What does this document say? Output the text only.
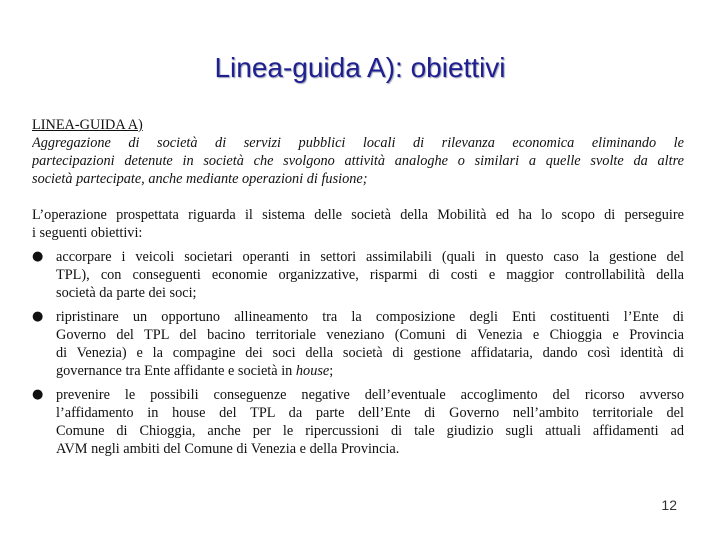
Linea-guida A): obiettivi
LINEA-GUIDA A)
Aggregazione di società di servizi pubblici locali di rilevanza economica eliminando le
partecipazioni detenute in società che svolgono attività analoghe o similari a quelle svolte da altre
società partecipate, anche mediante operazioni di fusione;
L’operazione prospettata riguarda il sistema delle società della Mobilità ed ha lo scopo di perseguire
i seguenti obiettivi:
● accorpare i veicoli societari operanti in settori assimilabili (quali in questo caso la gestione del
TPL), con conseguenti economie organizzative, risparmi di costi e maggior controllabilità della
società da parte dei soci;
● ripristinare un opportuno allineamento tra la composizione degli Enti costituenti l’Ente di
Governo del TPL del bacino territoriale veneziano (Comuni di Venezia e Chioggia e Provincia
di Venezia) e la compagine dei soci della società di gestione affidataria, dando così identità di
governance tra Ente affidante e società in house;
● prevenire le possibili conseguenze negative dell’eventuale accoglimento del ricorso avverso
l’affidamento in house del TPL da parte dell’Ente di Governo nell’ambito territoriale del
Comune di Chioggia, anche per le ripercussioni di tale giudizio sugli attuali affidamenti ad
AVM negli ambiti del Comune di Venezia e della Provincia.
12
